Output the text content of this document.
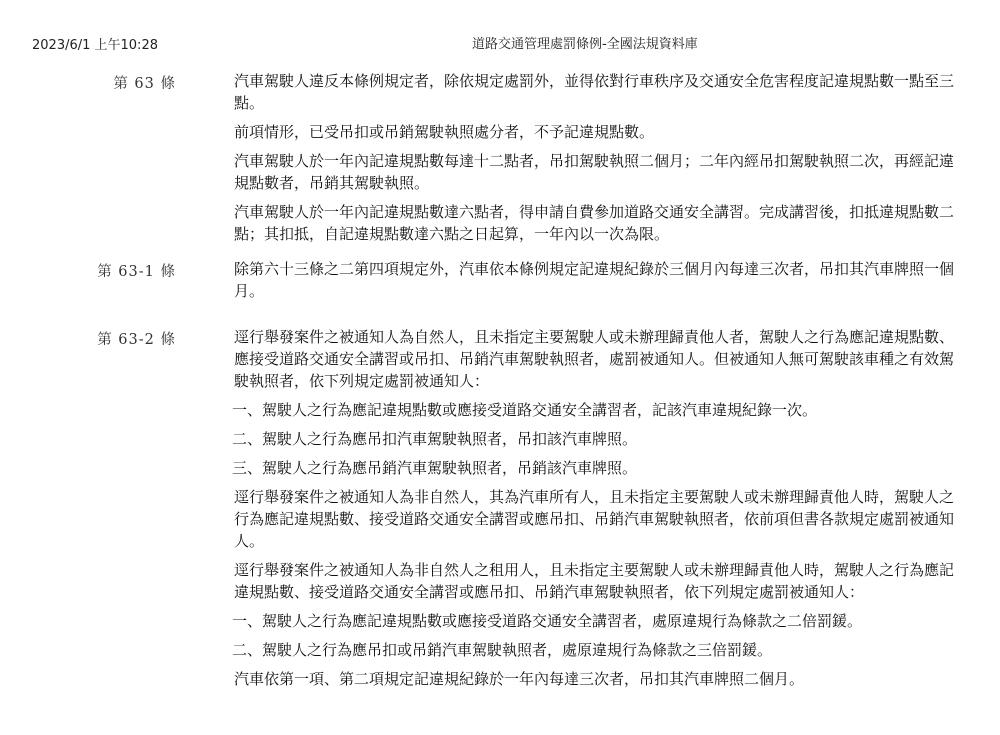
2023/6/1 上午10:28	道路交通管理處罰條例-全國法規資料庫
第 63 條	汽車駕駛人違反本條例規定者，除依規定處罰外，並得依對行車秩序及交通安全危害程度記違規點數一點至三點。

前項情形，已受吊扣或吊銷駕駛執照處分者，不予記違規點數。

汽車駕駛人於一年內記違規點數每達十二點者，吊扣駕駛執照二個月；二年內經吊扣駕駛執照二次，再經記違規點數者，吊銷其駕駛執照。

汽車駕駛人於一年內記違規點數達六點者，得申請自費參加道路交通安全講習。完成講習後，扣抵違規點數二點；其扣抵，自記違規點數達六點之日起算，一年內以一次為限。

第 63-1 條	除第六十三條之二第四項規定外，汽車依本條例規定記違規紀錄於三個月內每達三次者，吊扣其汽車牌照一個月。

第 63-2 條	逕行舉發案件之被通知人為自然人，且未指定主要駕駛人或未辦理歸責他人者，駕駛人之行為應記違規點數、應接受道路交通安全講習或吊扣、吊銷汽車駕駛執照者，處罰被通知人。但被通知人無可駕駛該車種之有效駕駛執照者，依下列規定處罰被通知人：

一、駕駛人之行為應記違規點數或應接受道路交通安全講習者，記該汽車違規紀錄一次。

二、駕駛人之行為應吊扣汽車駕駛執照者，吊扣該汽車牌照。

三、駕駛人之行為應吊銷汽車駕駛執照者，吊銷該汽車牌照。

逕行舉發案件之被通知人為非自然人，其為汽車所有人，且未指定主要駕駛人或未辦理歸責他人時，駕駛人之行為應記違規點數、接受道路交通安全講習或應吊扣、吊銷汽車駕駛執照者，依前項但書各款規定處罰被通知人。

逕行舉發案件之被通知人為非自然人之租用人，且未指定主要駕駛人或未辦理歸責他人時，駕駛人之行為應記違規點數、接受道路交通安全講習或應吊扣、吊銷汽車駕駛執照者，依下列規定處罰被通知人：

一、駕駛人之行為應記違規點數或應接受道路交通安全講習者，處原違規行為條款之二倍罰鍰。

二、駕駛人之行為應吊扣或吊銷汽車駕駛執照者，處原違規行為條款之三倍罰鍰。

汽車依第一項、第二項規定記違規紀錄於一年內每達三次者，吊扣其汽車牌照二個月。
